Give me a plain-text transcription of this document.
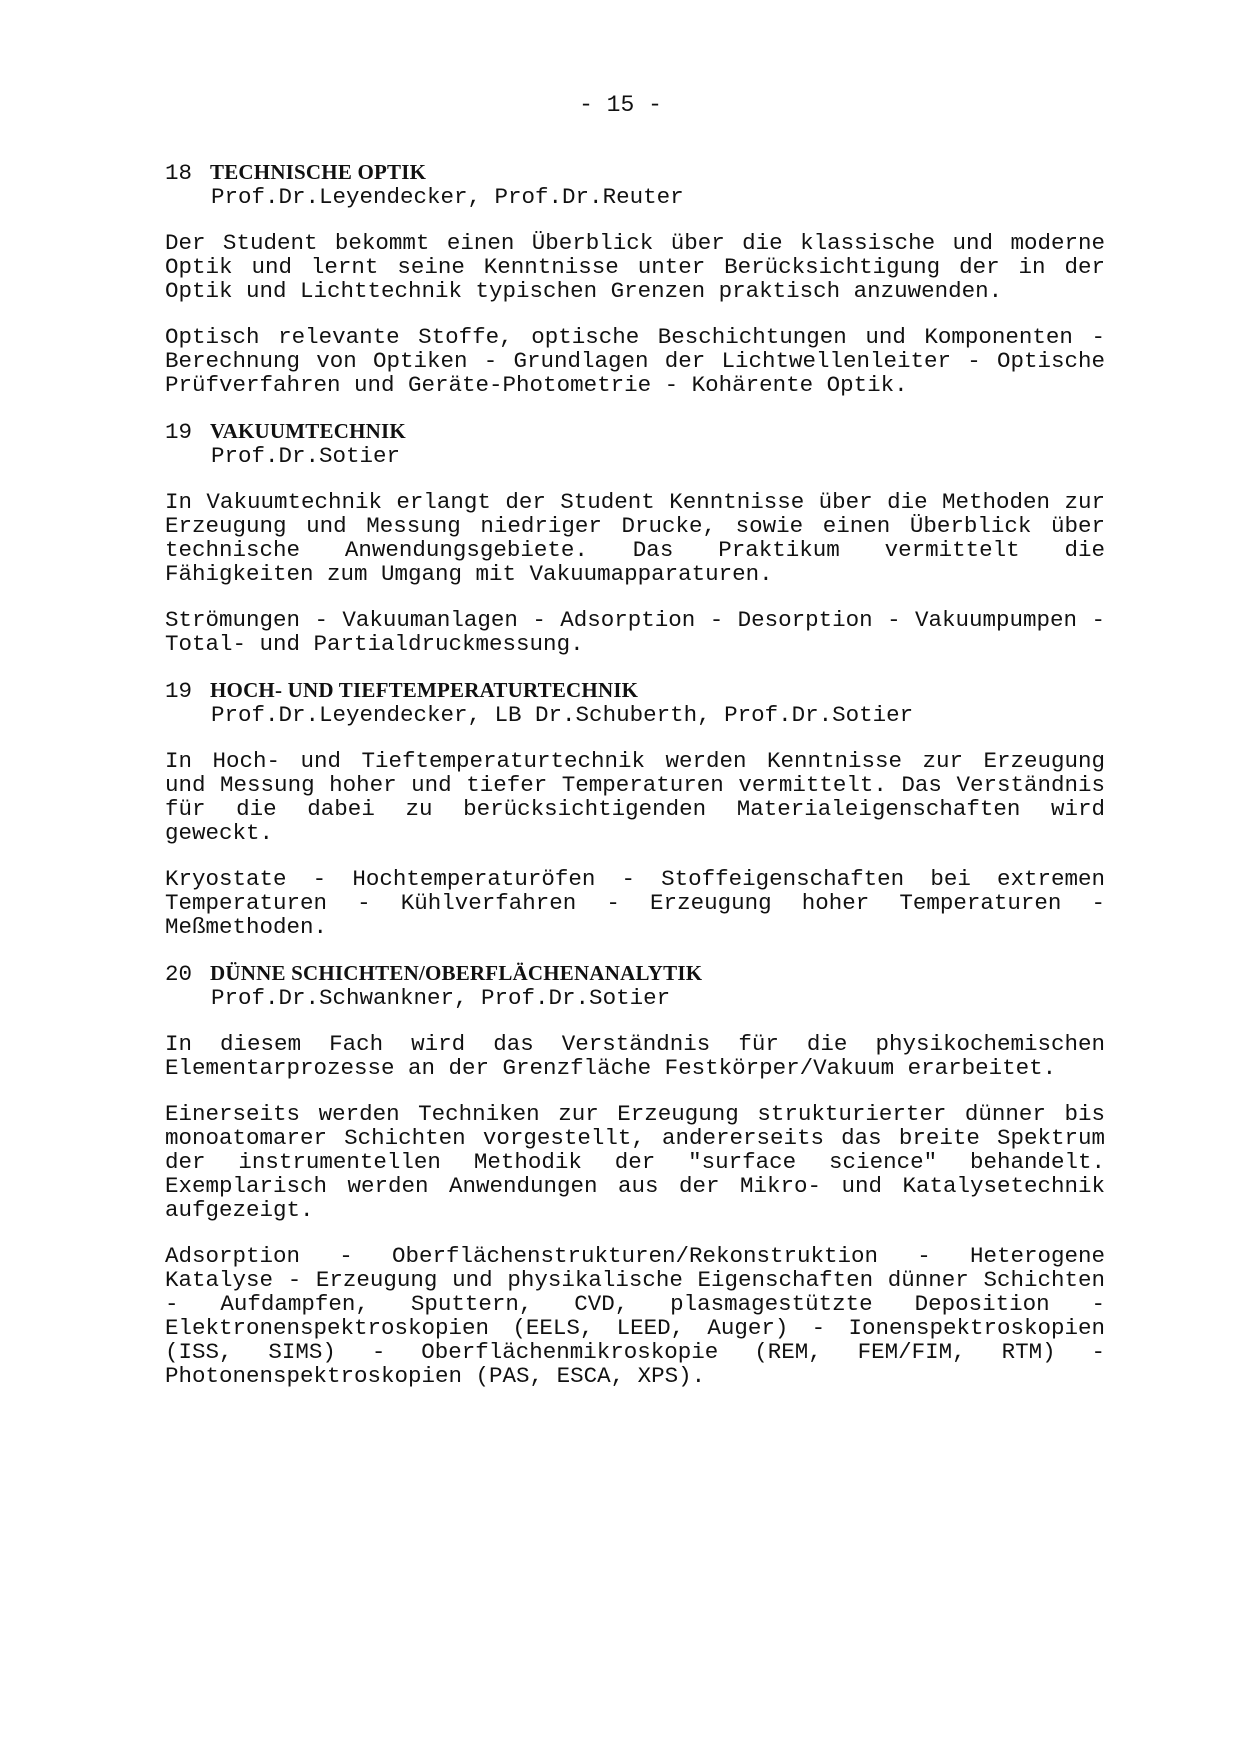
- 15 -

18 TECHNISCHE OPTIK

Prof.Dr.Leyendecker, Prof.Dr.Reuter

Der Student bekommt einen Überblick über die klassische und moderne Optik und lernt seine Kenntnisse unter Berücksichtigung der in der Optik und Lichttechnik typischen Grenzen praktisch anzuwenden.

Optisch relevante Stoffe, optische Beschichtungen und Komponenten - Berechnung von Optiken - Grundlagen der Lichtwellenleiter - Optische Prüfverfahren und Geräte-Photometrie - Kohärente Optik.

19 VAKUUMTECHNIK

Prof.Dr.Sotier

In Vakuumtechnik erlangt der Student Kenntnisse über die Methoden zur Erzeugung und Messung niedriger Drucke, sowie einen Überblick über technische Anwendungsgebiete. Das Praktikum vermittelt die Fähigkeiten zum Umgang mit Vakuumapparaturen.

Strömungen - Vakuumanlagen - Adsorption - Desorption - Vakuumpumpen - Total- und Partialdruckmessung.

19 HOCH- UND TIEFTEMPERATURTECHNIK

Prof.Dr.Leyendecker, LB Dr.Schuberth, Prof.Dr.Sotier

In Hoch- und Tieftemperaturtechnik werden Kenntnisse zur Erzeugung und Messung hoher und tiefer Temperaturen vermittelt. Das Verständnis für die dabei zu berücksichtigenden Materialeigenschaften wird geweckt.

Kryostate - Hochtemperaturöfen - Stoffeigenschaften bei extremen Temperaturen - Kühlverfahren - Erzeugung hoher Temperaturen - Meßmethoden.

20 DÜNNE SCHICHTEN/OBERFLÄCHENANALYTIK

Prof.Dr.Schwankner, Prof.Dr.Sotier

In diesem Fach wird das Verständnis für die physikochemischen Elementarprozesse an der Grenzfläche Festkörper/Vakuum erarbeitet.

Einerseits werden Techniken zur Erzeugung strukturierter dünner bis monoatomarer Schichten vorgestellt, andererseits das breite Spektrum der instrumentellen Methodik der "surface science" behandelt. Exemplarisch werden Anwendungen aus der Mikro- und Katalysetechnik aufgezeigt.

Adsorption - Oberflächenstrukturen/Rekonstruktion - Heterogene Katalyse - Erzeugung und physikalische Eigenschaften dünner Schichten - Aufdampfen, Sputtern, CVD, plasmagestützte Deposition - Elektronenspektroskopien (EELS, LEED, Auger) - Ionenspektroskopien (ISS, SIMS) - Oberflächenmikroskopie (REM, FEM/FIM, RTM) - Photonenspektroskopien (PAS, ESCA, XPS).
